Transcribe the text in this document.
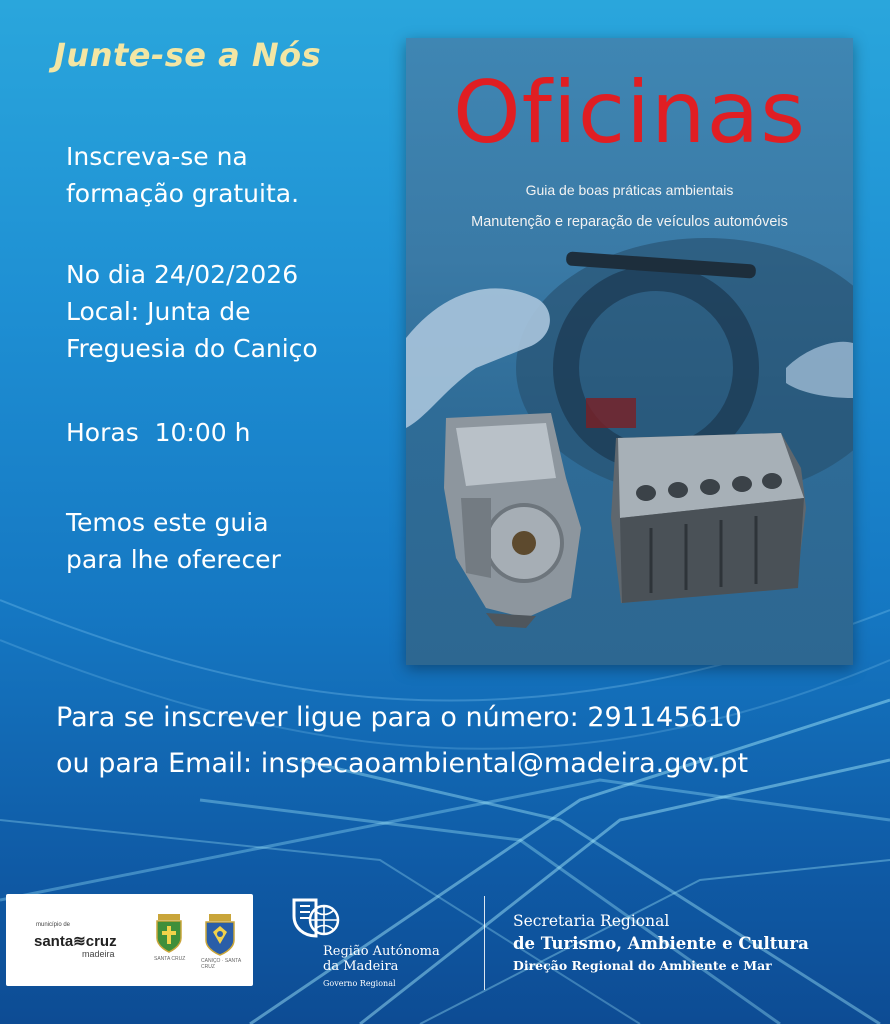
Junte-se a Nós
Inscreva-se na
formação gratuita.
No dia 24/02/2026
Local: Junta de
Freguesia do Caniço
Horas  10:00 h
Temos este guia
para lhe oferecer
Oficinas
Guia de boas práticas ambientais
Manutenção e reparação de veículos automóveis
Para se inscrever ligue para o número: 291145610
ou para Email: inspecaoambiental@madeira.gov.pt
município de
santa≋cruz
madeira	SANTA CRUZ	CANIÇO · SANTA CRUZ
Região Autónoma
da Madeira
Governo Regional
Secretaria Regional
de Turismo, Ambiente e Cultura
Direção Regional do Ambiente e Mar
